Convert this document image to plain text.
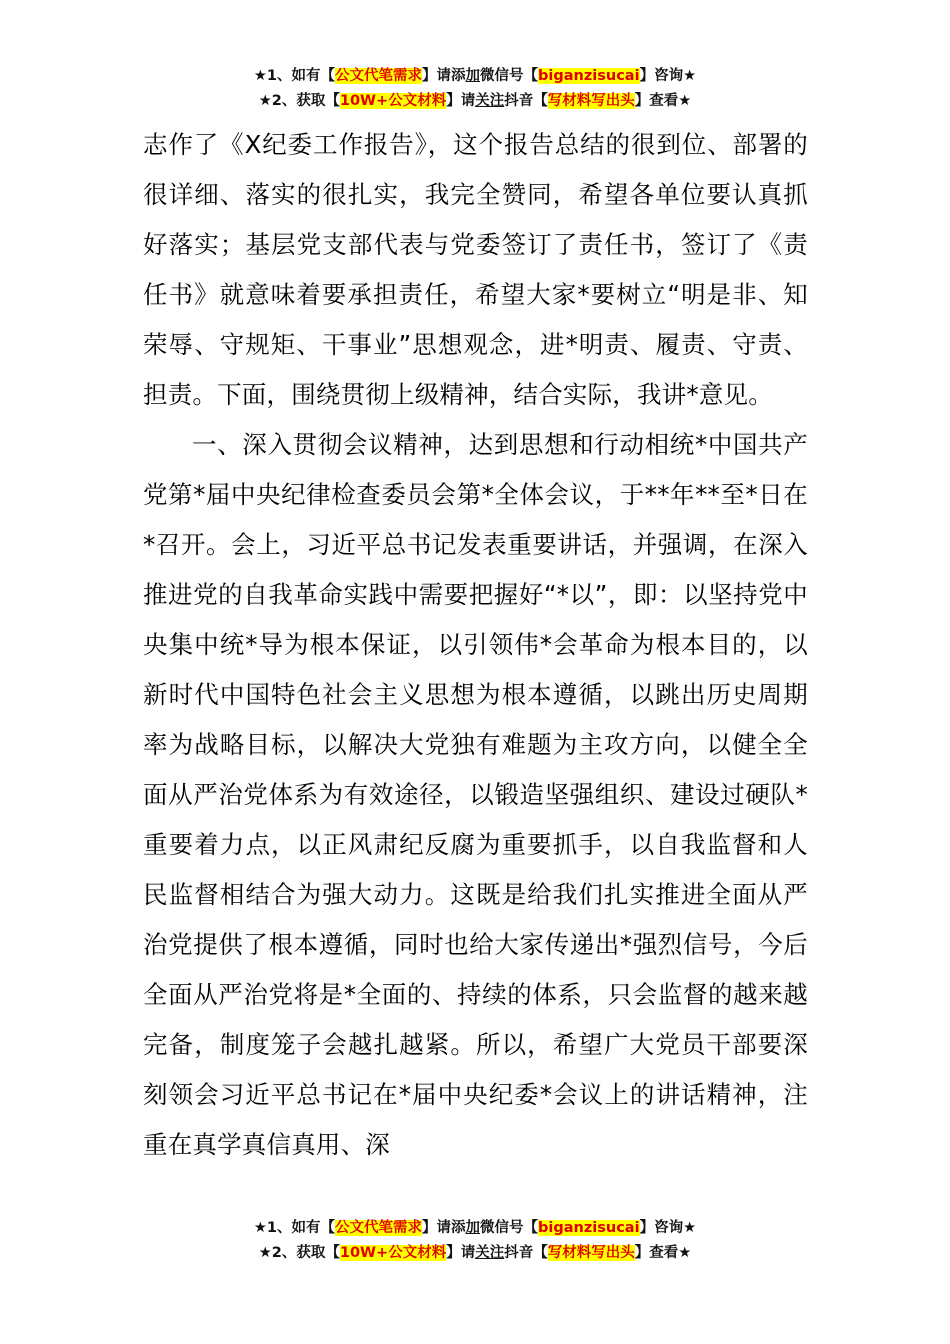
★1、如有【公文代笔需求】请添加微信号【biganzisucai】咨询★
★2、获取【10W+公文材料】请关注抖音【写材料写出头】查看★

志作了《X纪委工作报告》，这个报告总结的很到位、部署的很详细、落实的很扎实，我完全赞同，希望各单位要认真抓好落实；基层党支部代表与党委签订了责任书，签订了《责任书》就意味着要承担责任，希望大家*要树立“明是非、知荣辱、守规矩、干事业”思想观念，进*明责、履责、守责、担责。下面，围绕贯彻上级精神，结合实际，我讲*意见。

一、深入贯彻会议精神，达到思想和行动相统*中国共产党第*届中央纪律检查委员会第*全体会议，于**年**至*日在*召开。会上，习近平总书记发表重要讲话，并强调，在深入推进党的自我革命实践中需要把握好“*以”，即：以坚持党中央集中统*导为根本保证，以引领伟*会革命为根本目的，以新时代中国特色社会主义思想为根本遵循，以跳出历史周期率为战略目标，以解决大党独有难题为主攻方向，以健全全面从严治党体系为有效途径，以锻造坚强组织、建设过硬队*重要着力点，以正风肃纪反腐为重要抓手，以自我监督和人民监督相结合为强大动力。这既是给我们扎实推进全面从严治党提供了根本遵循，同时也给大家传递出*强烈信号，今后全面从严治党将是*全面的、持续的体系，只会监督的越来越完备，制度笼子会越扎越紧。所以，希望广大党员干部要深刻领会习近平总书记在*届中央纪委*会议上的讲话精神，注重在真学真信真用、深

★1、如有【公文代笔需求】请添加微信号【biganzisucai】咨询★
★2、获取【10W+公文材料】请关注抖音【写材料写出头】查看★
